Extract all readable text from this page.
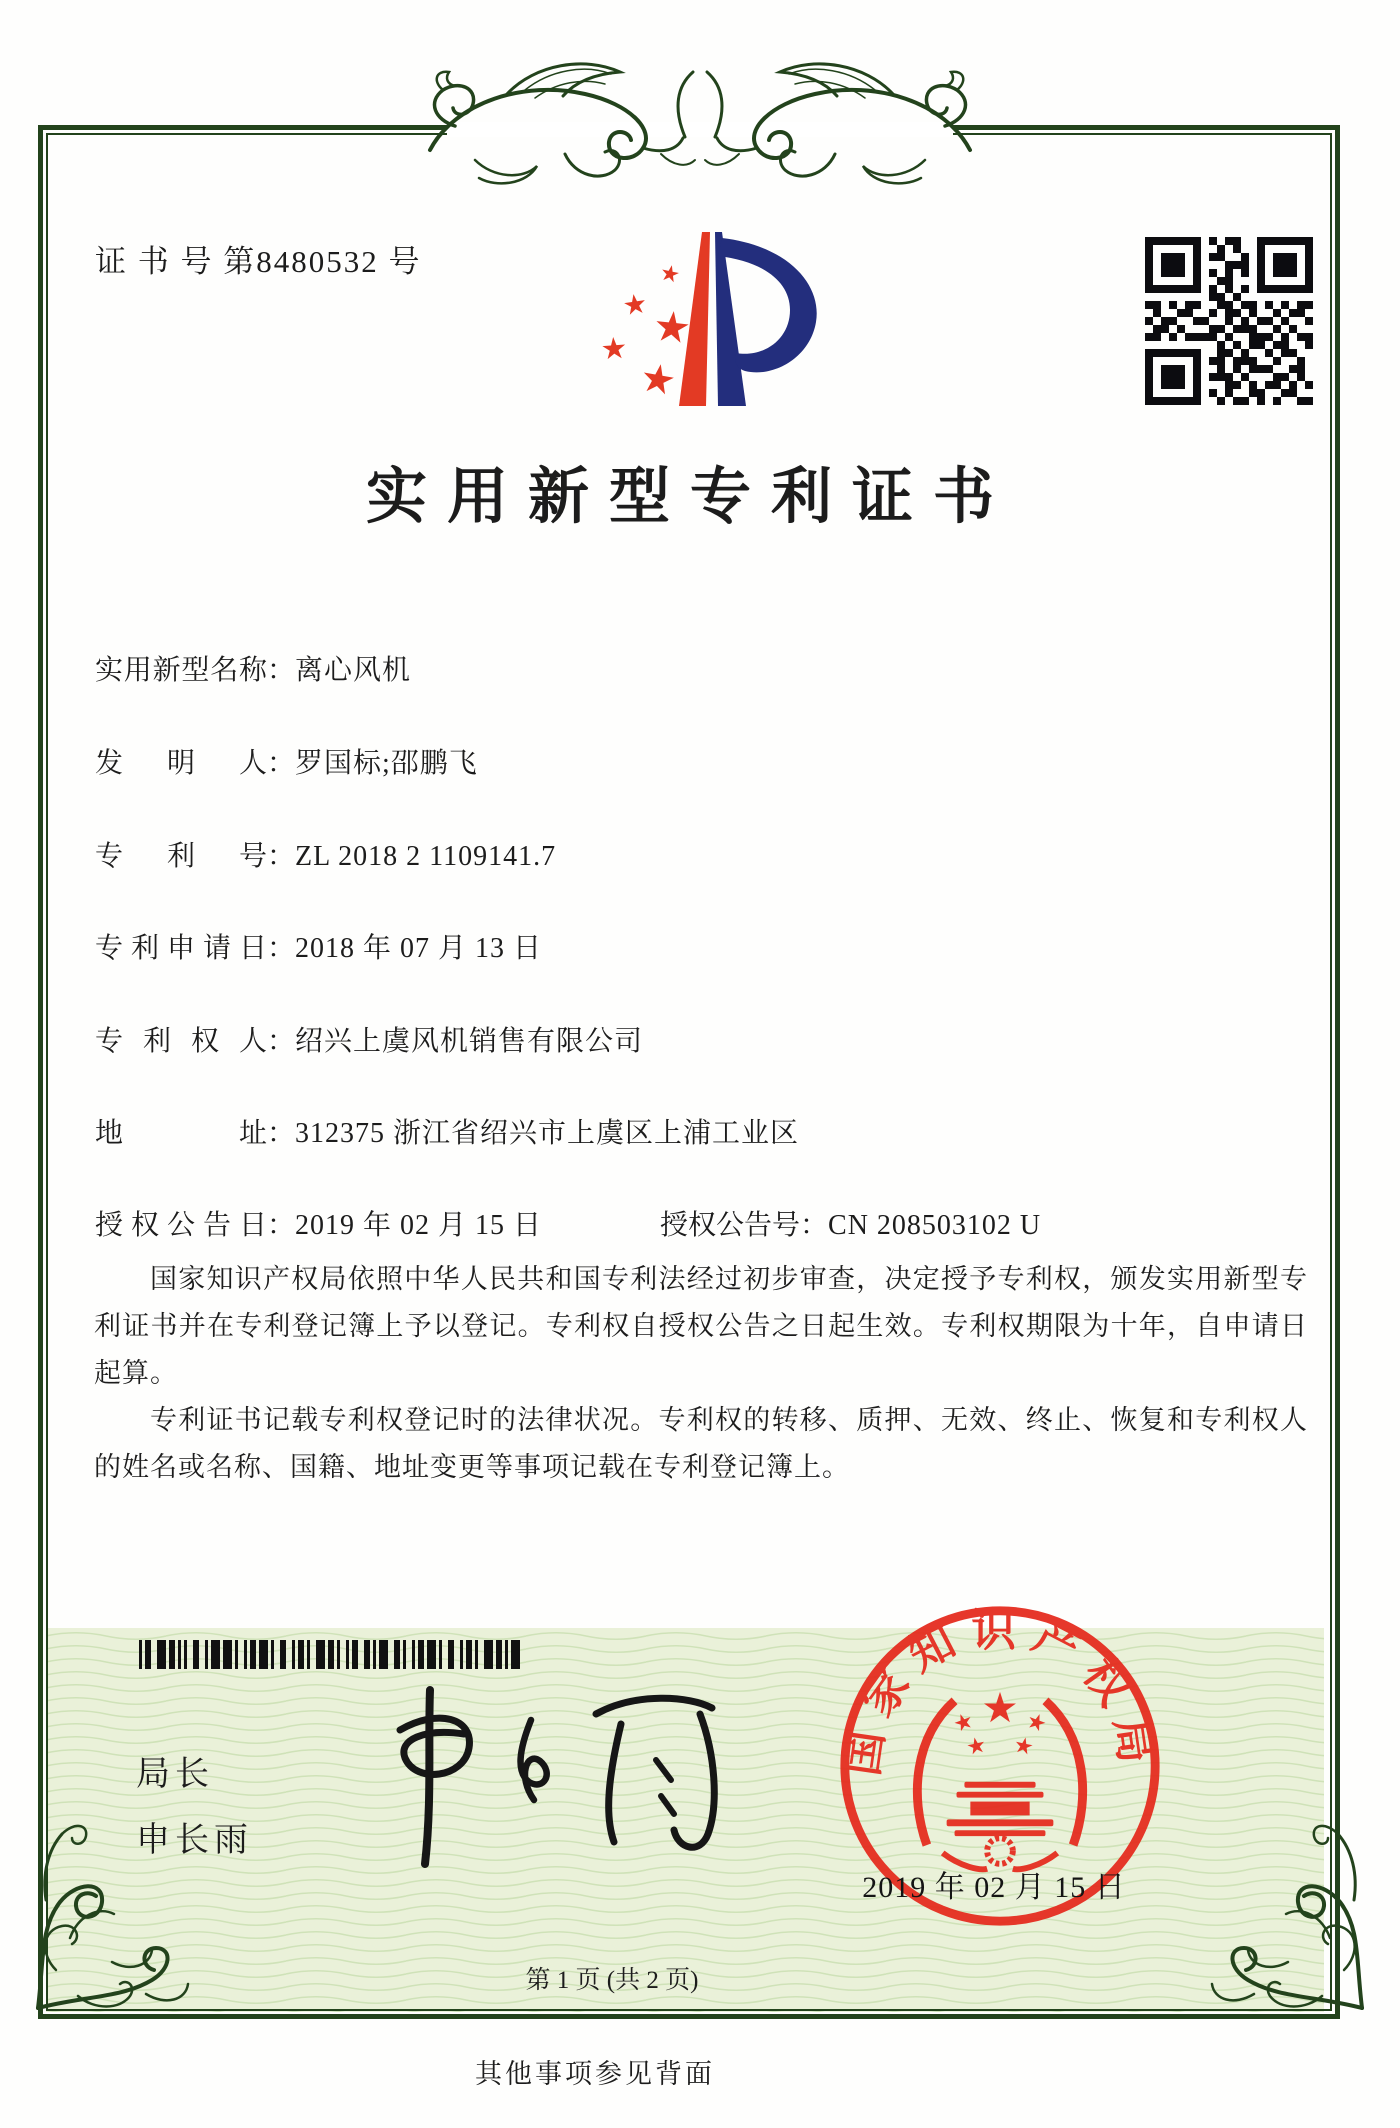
证 书 号 第8480532 号
实用新型专利证书
实用新型名称：离心风机
发明人：罗国标;邵鹏飞
专利号：ZL 2018 2 1109141.7
专利申请日：2018 年 07 月 13 日
专利权人：绍兴上虞风机销售有限公司
地址：312375 浙江省绍兴市上虞区上浦工业区
授权公告日：2019 年 02 月 15 日	授权公告号：CN 208503102 U

国家知识产权局依照中华人民共和国专利法经过初步审查，决定授予专利权，颁发实用新型专利证书并在专利登记簿上予以登记。专利权自授权公告之日起生效。专利权期限为十年，自申请日起算。

专利证书记载专利权登记时的法律状况。专利权的转移、质押、无效、终止、恢复和专利权人的姓名或名称、国籍、地址变更等事项记载在专利登记簿上。

局长
申长雨
国家知识产权局
2019 年 02 月 15 日
第 1 页 (共 2 页)
其他事项参见背面
